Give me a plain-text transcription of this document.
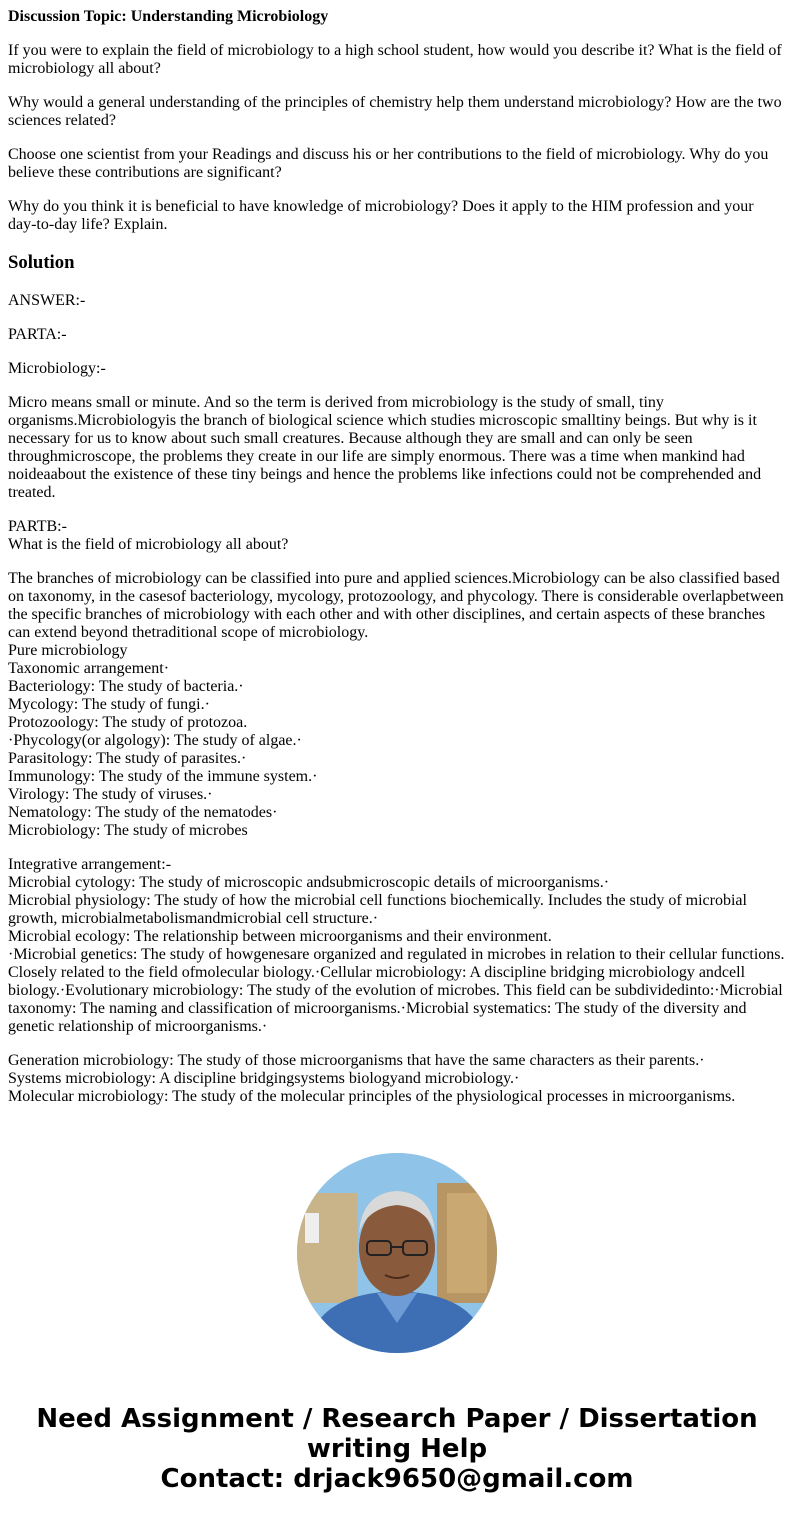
Discussion Topic: Understanding Microbiology

If you were to explain the field of microbiology to a high school student, how would you describe it? What is the field of microbiology all about?

Why would a general understanding of the principles of chemistry help them understand microbiology? How are the two sciences related?

Choose one scientist from your Readings and discuss his or her contributions to the field of microbiology. Why do you believe these contributions are significant?

Why do you think it is beneficial to have knowledge of microbiology? Does it apply to the HIM profession and your day-to-day life? Explain.

Solution

ANSWER:-

PARTA:-

Microbiology:-

Micro means small or minute. And so the term is derived from microbiology is the study of small, tiny organisms.Microbiologyis the branch of biological science which studies microscopic smalltiny beings. But why is it necessary for us to know about such small creatures. Because although they are small and can only be seen throughmicroscope, the problems they create in our life are simply enormous. There was a time when mankind had noideaabout the existence of these tiny beings and hence the problems like infections could not be comprehended and treated.

PARTB:-
What is the field of microbiology all about?

The branches of microbiology can be classified into pure and applied sciences.Microbiology can be also classified based on taxonomy, in the casesof bacteriology, mycology, protozoology, and phycology. There is considerable overlapbetween the specific branches of microbiology with each other and with other disciplines, and certain aspects of these branches can extend beyond thetraditional scope of microbiology.
Pure microbiology
Taxonomic arrangement·
Bacteriology: The study of bacteria.·
Mycology: The study of fungi.·
Protozoology: The study of protozoa.
·Phycology(or algology): The study of algae.·
Parasitology: The study of parasites.·
Immunology: The study of the immune system.·
Virology: The study of viruses.·
Nematology: The study of the nematodes·
Microbiology: The study of microbes

Integrative arrangement:-
Microbial cytology: The study of microscopic andsubmicroscopic details of microorganisms.·
Microbial physiology: The study of how the microbial cell functions biochemically. Includes the study of microbial growth, microbialmetabolismandmicrobial cell structure.·
Microbial ecology: The relationship between microorganisms and their environment.
·Microbial genetics: The study of howgenesare organized and regulated in microbes in relation to their cellular functions. Closely related to the field ofmolecular biology.·Cellular microbiology: A discipline bridging microbiology andcell biology.·Evolutionary microbiology: The study of the evolution of microbes. This field can be subdividedinto:·Microbial taxonomy: The naming and classification of microorganisms.·Microbial systematics: The study of the diversity and genetic relationship of microorganisms.·

Generation microbiology: The study of those microorganisms that have the same characters as their parents.·
Systems microbiology: A discipline bridgingsystems biologyand microbiology.·
Molecular microbiology: The study of the molecular principles of the physiological processes in microorganisms.

Need Assignment / Research Paper / Dissertation
writing Help
Contact: drjack9650@gmail.com
